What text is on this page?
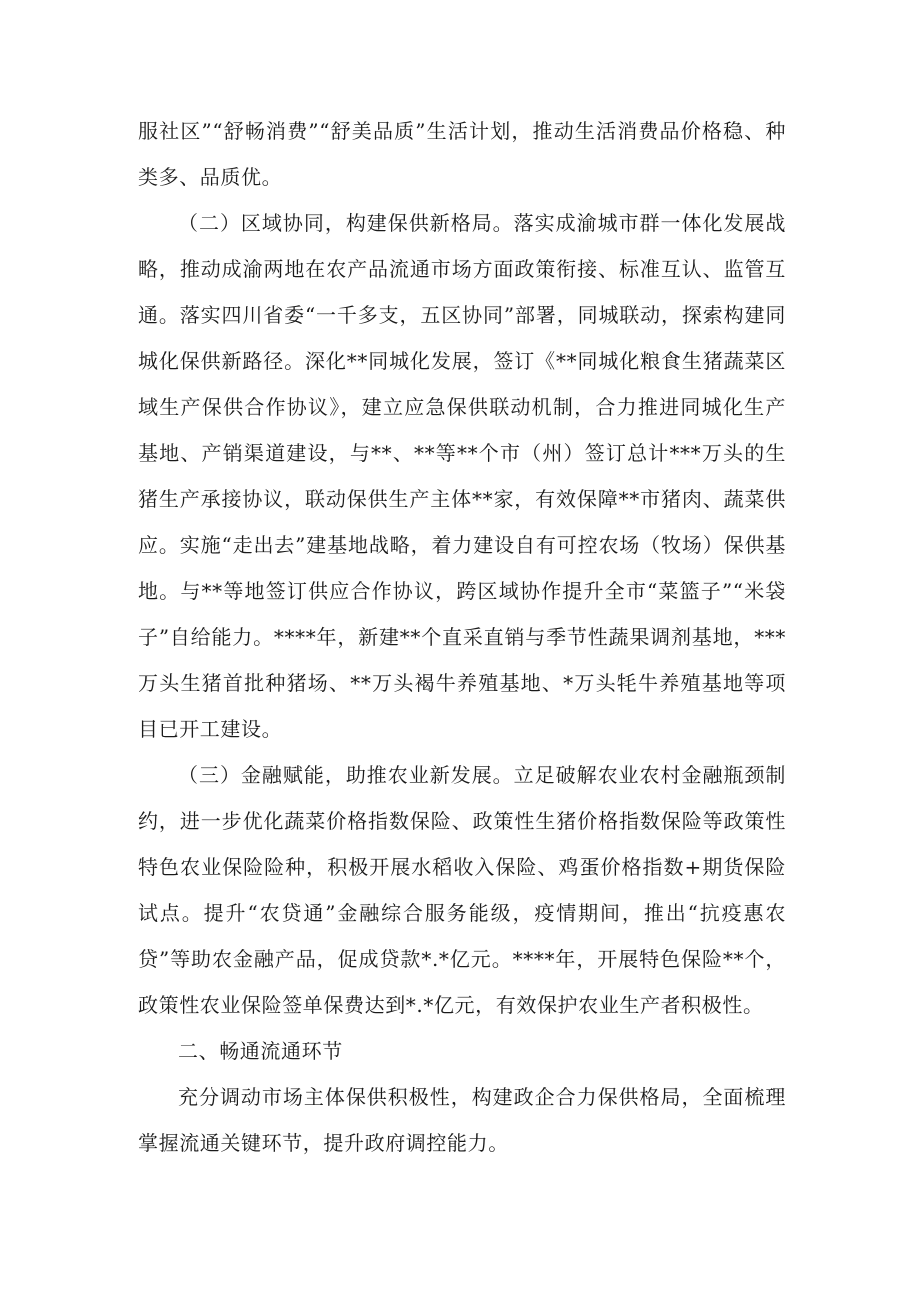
服社区”“舒畅消费”“舒美品质”生活计划，推动生活消费品价格稳、种类多、品质优。

（二）区域协同，构建保供新格局。落实成渝城市群一体化发展战略，推动成渝两地在农产品流通市场方面政策衔接、标准互认、监管互通。落实四川省委“一千多支，五区协同”部署，同城联动，探索构建同城化保供新路径。深化**同城化发展，签订《**同城化粮食生猪蔬菜区域生产保供合作协议》，建立应急保供联动机制，合力推进同城化生产基地、产销渠道建设，与**、**等**个市（州）签订总计***万头的生猪生产承接协议，联动保供生产主体**家，有效保障**市猪肉、蔬菜供应。实施“走出去”建基地战略，着力建设自有可控农场（牧场）保供基地。与**等地签订供应合作协议，跨区域协作提升全市“菜篮子”“米袋子”自给能力。****年，新建**个直采直销与季节性蔬果调剂基地，***万头生猪首批种猪场、**万头褐牛养殖基地、*万头牦牛养殖基地等项目已开工建设。

（三）金融赋能，助推农业新发展。立足破解农业农村金融瓶颈制约，进一步优化蔬菜价格指数保险、政策性生猪价格指数保险等政策性特色农业保险险种，积极开展水稻收入保险、鸡蛋价格指数+期货保险试点。提升“农贷通”金融综合服务能级，疫情期间，推出“抗疫惠农贷”等助农金融产品，促成贷款*.*亿元。****年，开展特色保险**个，政策性农业保险签单保费达到*.*亿元，有效保护农业生产者积极性。

二、畅通流通环节

充分调动市场主体保供积极性，构建政企合力保供格局，全面梳理掌握流通关键环节，提升政府调控能力。
